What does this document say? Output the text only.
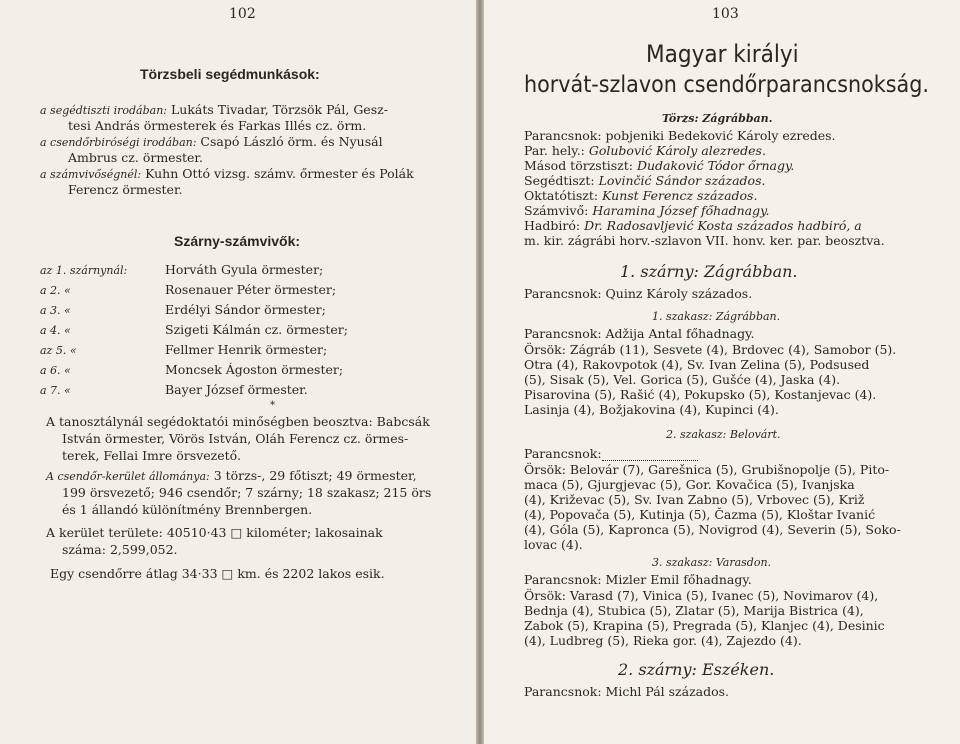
102
Törzsbeli segédmunkások:
a segédtiszti irodában: Lukáts Tivadar, Törzsök Pál, Gesz-
tesi András örmesterek és Farkas Illés cz. örm.
a csendőrbiróségi irodában: Csapó László örm. és Nyusál
Ambrus cz. örmester.
a számvivőségnél: Kuhn Ottó vizsg. számv. őrmester és Polák
Ferencz örmester.
Szárny-számvivők:
az 1. szárnynál:	Horváth Gyula örmester;
a 2. «	Rosenauer Péter örmester;
a 3. «	Erdélyi Sándor örmester;
a 4. «	Szigeti Kálmán cz. örmester;
az 5. «	Fellmer Henrik örmester;
a 6. «	Moncsek Ágoston örmester;
a 7. «	Bayer József örmester.
*
A tanosztálynál segédoktatói minőségben beosztva: Babcsák
István örmester, Vörös István, Oláh Ferencz cz. örmes-
terek, Fellai Imre örsvezető.
A csendőr-kerület állománya: 3 törzs-, 29 főtiszt; 49 örmester,
199 örsvezető; 946 csendőr; 7 szárny; 18 szakasz; 215 örs
és 1 állandó különítmény Brennbergen.
A kerület területe: 40510·43 □ kilométer; lakosainak
száma: 2,599,052.
Egy csendőrre átlag 34·33 □ km. és 2202 lakos esik.
103
Magyar királyi
horvát-szlavon csendőrparancsnokság.
Törzs: Zágrábban.
Parancsnok: pobjeniki Bedeković Károly ezredes.
Par. hely.: Golubović Károly alezredes.
Másod törzstiszt: Dudaković Tódor őrnagy.
Segédtiszt: Lovinčić Sándor százados.
Oktatótiszt: Kunst Ferencz százados.
Számvivő: Haramina József főhadnagy.
Hadbiró: Dr. Radosavljević Kosta százados hadbiró, a
m. kir. zágrábi horv.-szlavon VII. honv. ker. par. beosztva.
1. szárny: Zágrábban.
Parancsnok: Quinz Károly százados.
1. szakasz: Zágrábban.
Parancsnok: Adžija Antal főhadnagy.
Örsök: Zágráb (11), Sesvete (4), Brdovec (4), Samobor (5).
Otra (4), Rakovpotok (4), Sv. Ivan Zelina (5), Podsused
(5), Sisak (5), Vel. Gorica (5), Gušće (4), Jaska (4).
Pisarovina (5), Rašić (4), Pokupsko (5), Kostanjevac (4).
Lasinja (4), Božjakovina (4), Kupinci (4).
2. szakasz: Belovárt.
Parancsnok:
Örsök: Belovár (7), Garešnica (5), Grubišnopolje (5), Pito-
maca (5), Gjurgjevac (5), Gor. Kovačica (5), Ivanjska
(4), Križevac (5), Sv. Ivan Zabno (5), Vrbovec (5), Križ
(4), Popovača (5), Kutinja (5), Čazma (5), Kloštar Ivanić
(4), Góla (5), Kapronca (5), Novigrod (4), Severin (5), Soko-
lovac (4).
3. szakasz: Varasdon.
Parancsnok: Mizler Emil főhadnagy.
Örsök: Varasd (7), Vinica (5), Ivanec (5), Novimarov (4),
Bednja (4), Stubica (5), Zlatar (5), Marija Bistrica (4),
Zabok (5), Krapina (5), Pregrada (5), Klanjec (4), Desinic
(4), Ludbreg (5), Rieka gor. (4), Zajezdo (4).
2. szárny: Eszéken.
Parancsnok: Michl Pál százados.
